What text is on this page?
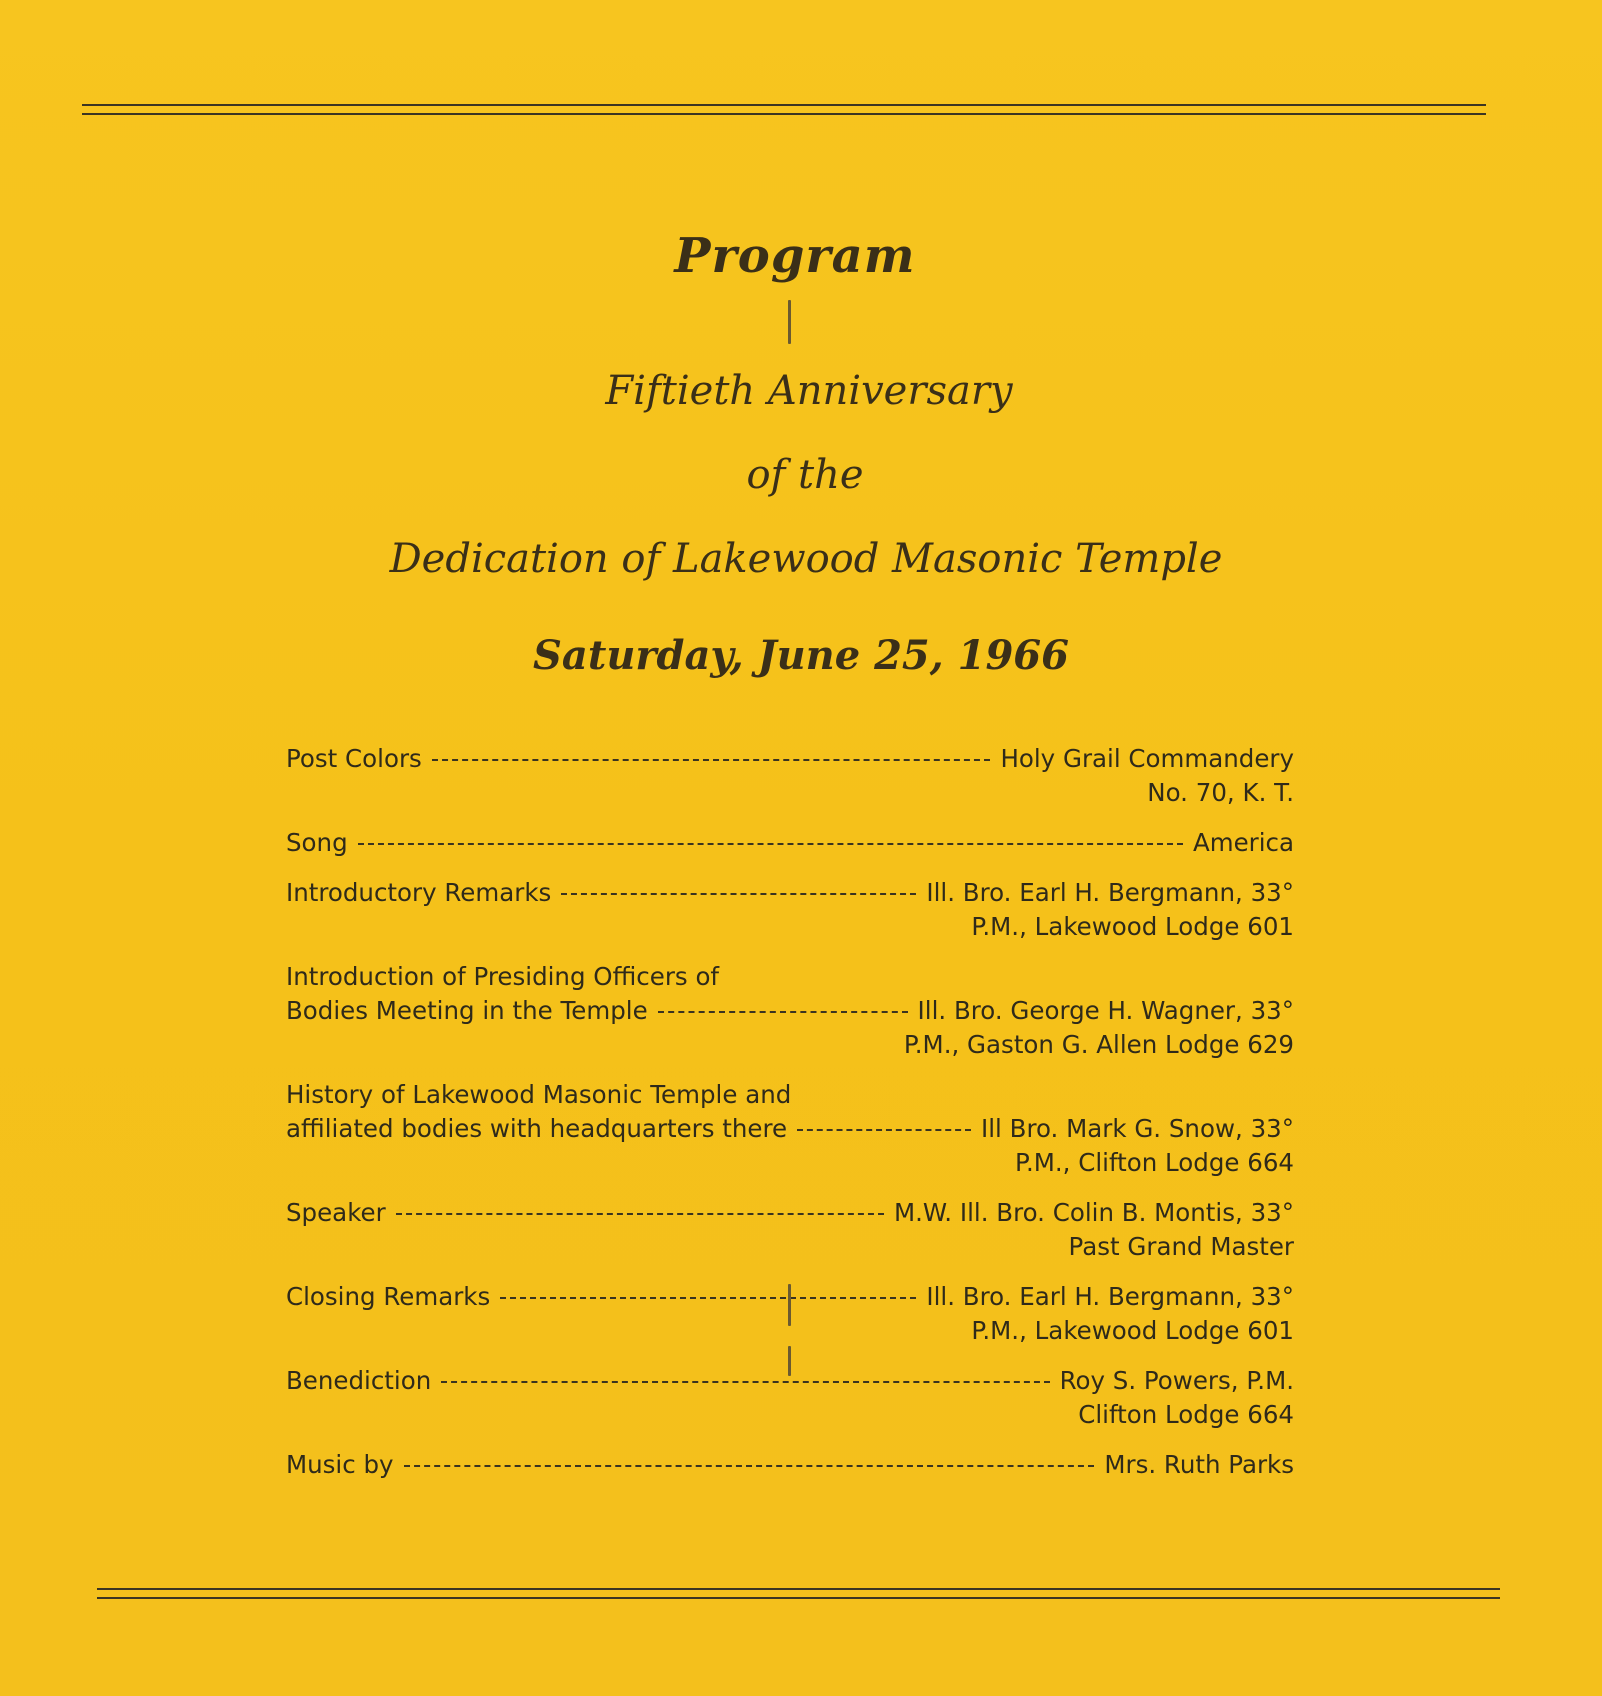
Program
Fiftieth Anniversary
of the
Dedication of Lakewood Masonic Temple
Saturday, June 25, 1966
Post Colors	Holy Grail Commandery
No. 70, K. T.
Song	America
Introductory Remarks	Ill. Bro. Earl H. Bergmann, 33°
P.M., Lakewood Lodge 601
Introduction of Presiding Officers of
Bodies Meeting in the Temple	Ill. Bro. George H. Wagner, 33°
P.M., Gaston G. Allen Lodge 629
History of Lakewood Masonic Temple and
affiliated bodies with headquarters there	Ill Bro. Mark G. Snow, 33°
P.M., Clifton Lodge 664
Speaker	M.W. Ill. Bro. Colin B. Montis, 33°
Past Grand Master
Closing Remarks	Ill. Bro. Earl H. Bergmann, 33°
P.M., Lakewood Lodge 601
Benediction	Roy S. Powers, P.M.
Clifton Lodge 664
Music by	Mrs. Ruth Parks
